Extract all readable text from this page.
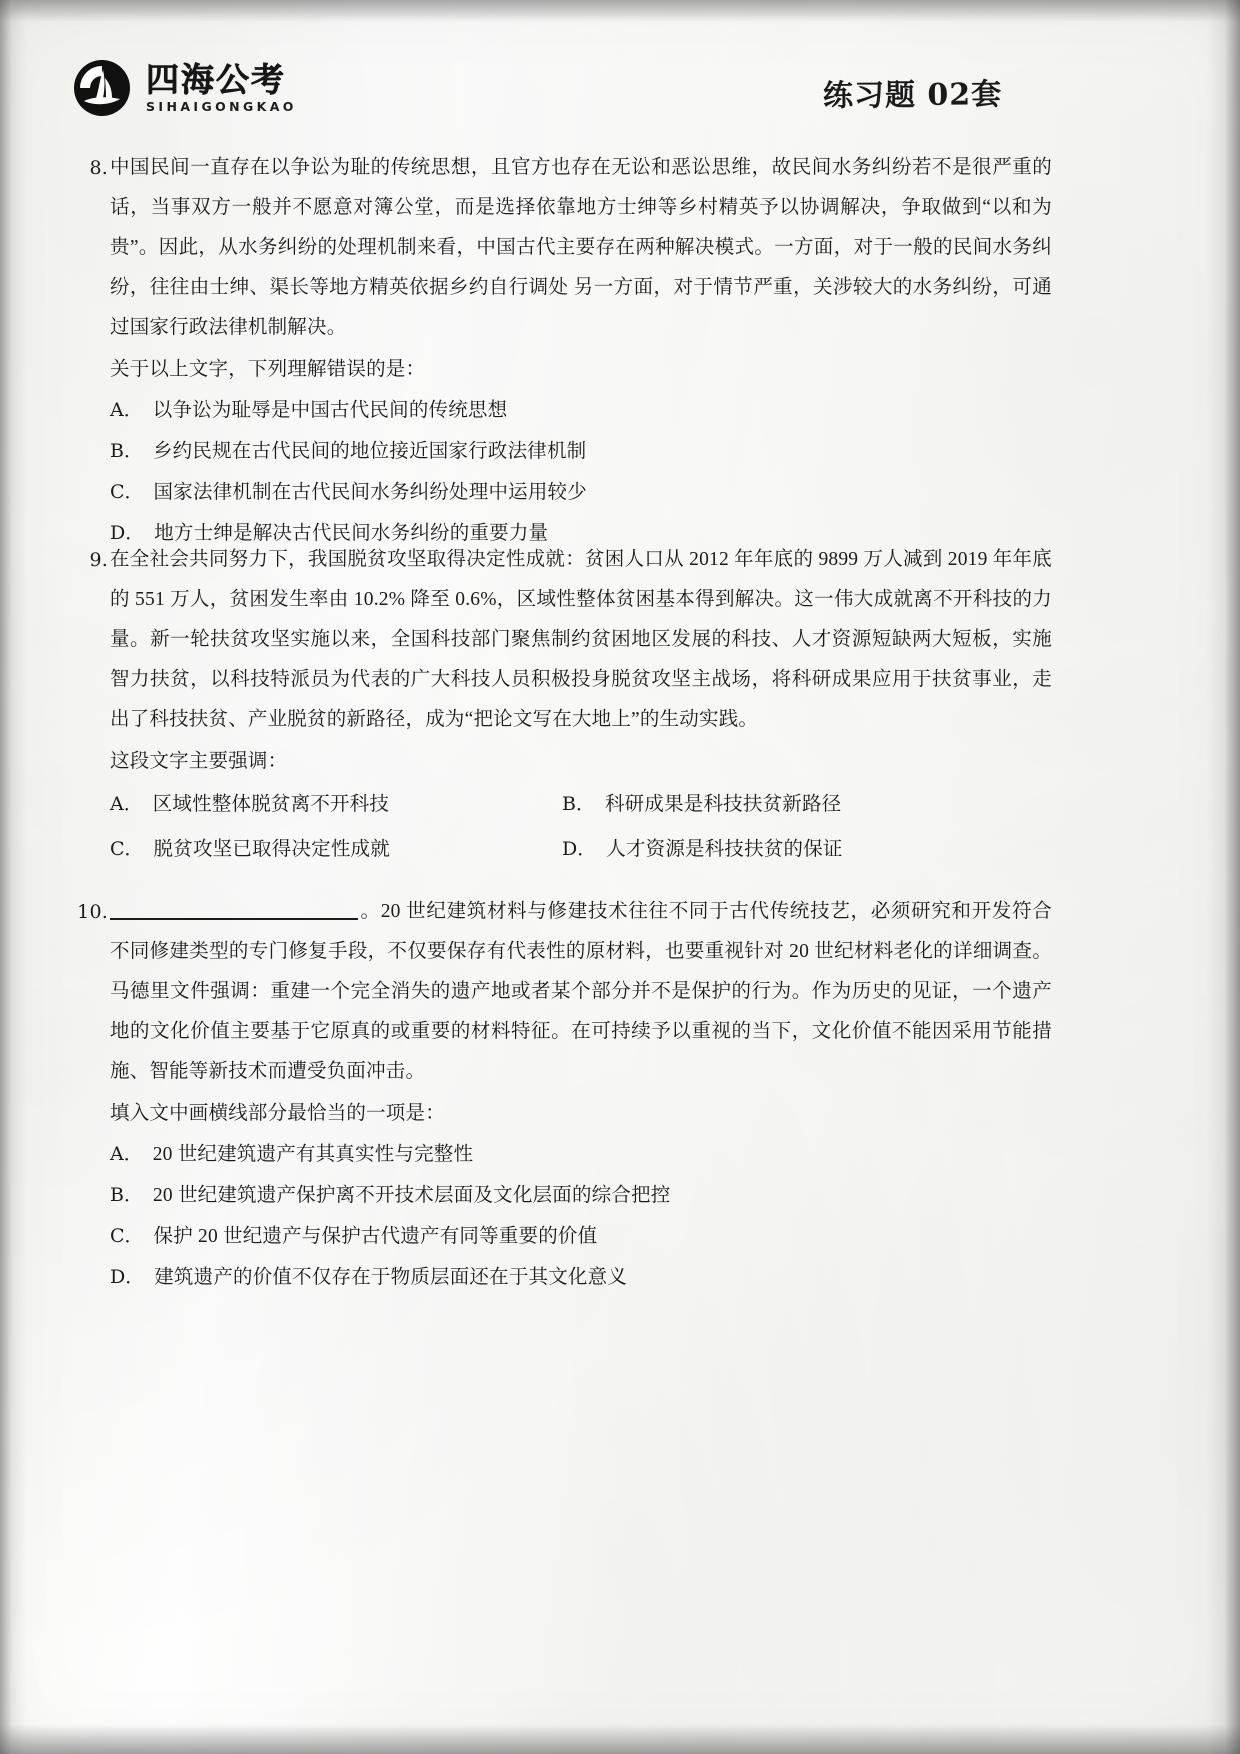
四海公考
SIHAIGONGKAO	练习题 02套
8. 中国民间一直存在以争讼为耻的传统思想，且官方也存在无讼和恶讼思维，故民间水务纠纷若不是很严重的话，当事双方一般并不愿意对簿公堂，而是选择依靠地方士绅等乡村精英予以协调解决，争取做到“以和为贵”。因此，从水务纠纷的处理机制来看，中国古代主要存在两种解决模式。一方面，对于一般的民间水务纠纷，往往由士绅、渠长等地方精英依据乡约自行调处 另一方面，对于情节严重，关涉较大的水务纠纷，可通过国家行政法律机制解决。
关于以上文字，下列理解错误的是：
A． 以争讼为耻辱是中国古代民间的传统思想
B． 乡约民规在古代民间的地位接近国家行政法律机制
C． 国家法律机制在古代民间水务纠纷处理中运用较少
D． 地方士绅是解决古代民间水务纠纷的重要力量
9. 在全社会共同努力下，我国脱贫攻坚取得决定性成就：贫困人口从 2012 年年底的 9899 万人减到 2019 年年底的 551 万人，贫困发生率由 10.2% 降至 0.6%，区域性整体贫困基本得到解决。这一伟大成就离不开科技的力量。新一轮扶贫攻坚实施以来，全国科技部门聚焦制约贫困地区发展的科技、人才资源短缺两大短板，实施智力扶贫，以科技特派员为代表的广大科技人员积极投身脱贫攻坚主战场，将科研成果应用于扶贫事业，走出了科技扶贫、产业脱贫的新路径，成为“把论文写在大地上”的生动实践。
这段文字主要强调：
A． 区域性整体脱贫离不开科技	B． 科研成果是科技扶贫新路径
C． 脱贫攻坚已取得决定性成就	D． 人才资源是科技扶贫的保证
10.	。20 世纪建筑材料与修建技术往往不同于古代传统技艺，必须研究和开发符合不同修建类型的专门修复手段，不仅要保存有代表性的原材料，也要重视针对 20 世纪材料老化的详细调查。马德里文件强调：重建一个完全消失的遗产地或者某个部分并不是保护的行为。作为历史的见证，一个遗产地的文化价值主要基于它原真的或重要的材料特征。在可持续予以重视的当下，文化价值不能因采用节能措施、智能等新技术而遭受负面冲击。
填入文中画横线部分最恰当的一项是：
A． 20 世纪建筑遗产有其真实性与完整性
B． 20 世纪建筑遗产保护离不开技术层面及文化层面的综合把控
C． 保护 20 世纪遗产与保护古代遗产有同等重要的价值
D． 建筑遗产的价值不仅存在于物质层面还在于其文化意义
